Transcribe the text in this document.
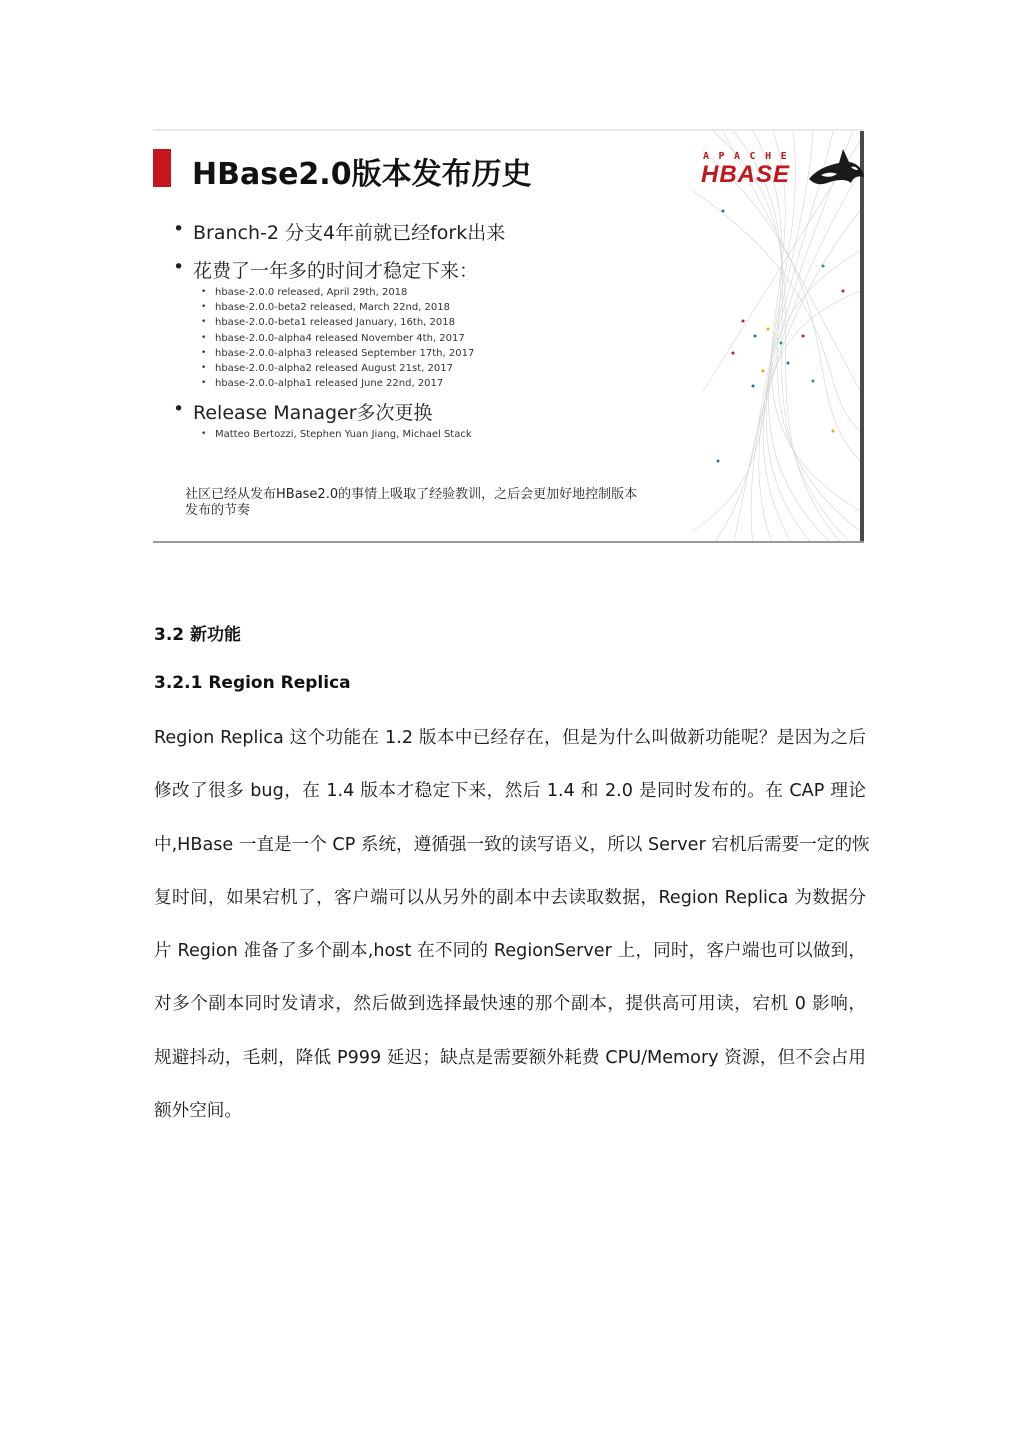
HBase2.0版本发布历史
APACHE
HBASE
• Branch-2 分支4年前就已经fork出来
• 花费了一年多的时间才稳定下来：
• hbase-2.0.0 released, April 29th, 2018
• hbase-2.0.0-beta2 released, March 22nd, 2018
• hbase-2.0.0-beta1 released January, 16th, 2018
• hbase-2.0.0-alpha4 released November 4th, 2017
• hbase-2.0.0-alpha3 released September 17th, 2017
• hbase-2.0.0-alpha2 released August 21st, 2017
• hbase-2.0.0-alpha1 released June 22nd, 2017
• Release Manager多次更换
• Matteo Bertozzi, Stephen Yuan Jiang, Michael Stack
社区已经从发布HBase2.0的事情上吸取了经验教训，之后会更加好地控制版本
发布的节奏
3.2 新功能
3.2.1 Region Replica
Region Replica 这个功能在 1.2 版本中已经存在，但是为什么叫做新功能呢？是因为之后
修改了很多 bug，在 1.4 版本才稳定下来，然后 1.4 和 2.0 是同时发布的。在 CAP 理论
中,HBase 一直是一个 CP 系统，遵循强一致的读写语义，所以 Server 宕机后需要一定的恢
复时间，如果宕机了，客户端可以从另外的副本中去读取数据，Region Replica 为数据分
片 Region 准备了多个副本,host 在不同的 RegionServer 上，同时，客户端也可以做到，
对多个副本同时发请求，然后做到选择最快速的那个副本，提供高可用读，宕机 0 影响，
规避抖动，毛刺，降低 P999 延迟；缺点是需要额外耗费 CPU/Memory 资源，但不会占用
额外空间。
